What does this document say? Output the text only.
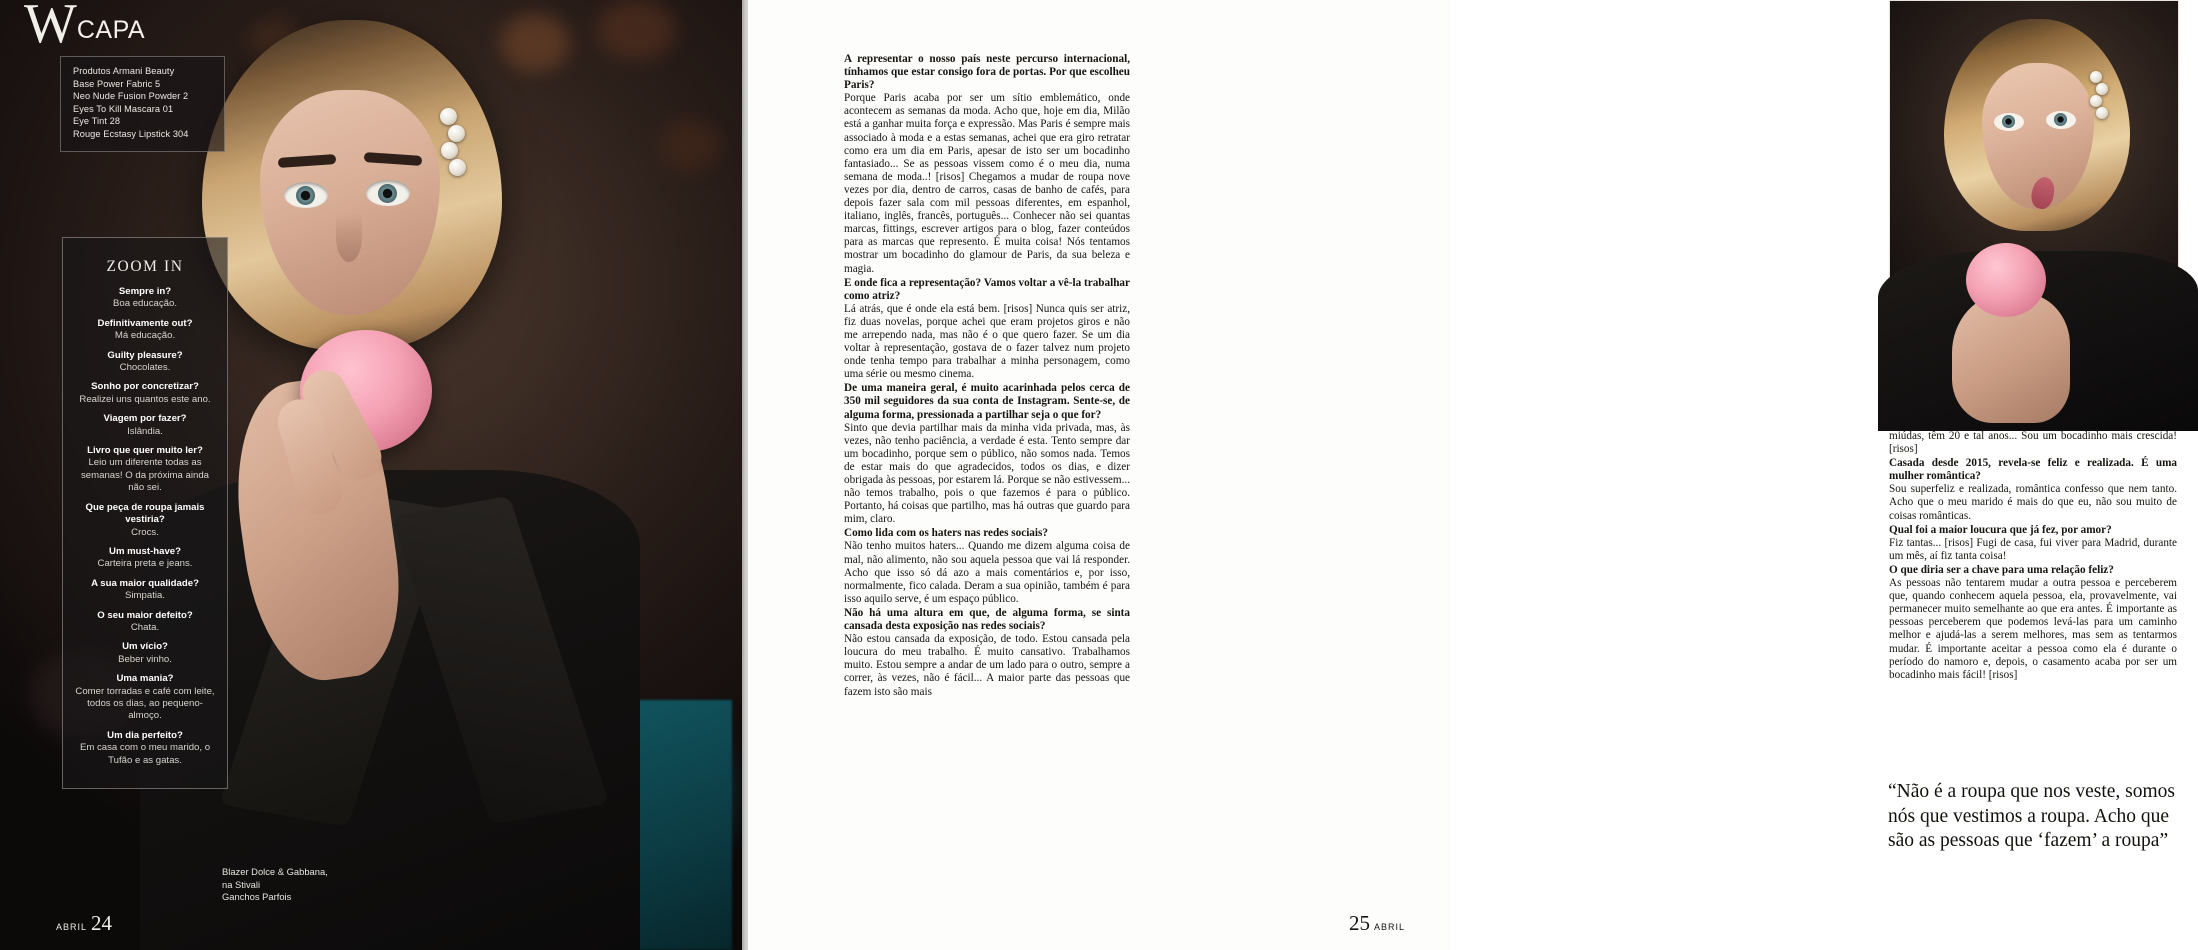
W CAPA
Produtos Armani Beauty
Base Power Fabric 5
Neo Nude Fusion Powder 2
Eyes To Kill Mascara 01
Eye Tint 28
Rouge Ecstasy Lipstick 304
ZOOM IN
Sempre in?
Boa educação.
Definitivamente out?
Má educação.
Guilty pleasure?
Chocolates.
Sonho por concretizar?
Realizei uns quantos este ano.
Viagem por fazer?
Islândia.
Livro que quer muito ler?
Leio um diferente todas as semanas! O da próxima ainda não sei.
Que peça de roupa jamais vestiria?
Crocs.
Um must-have?
Carteira preta e jeans.
A sua maior qualidade?
Simpatia.
O seu maior defeito?
Chata.
Um vício?
Beber vinho.
Uma mania?
Comer torradas e café com leite, todos os dias, ao pequeno-almoço.
Um dia perfeito?
Em casa com o meu marido, o Tufão e as gatas.
Blazer Dolce & Gabbana,
na Stivali
Ganchos Parfois
ABRIL 24

A representar o nosso país neste percurso internacional, tínhamos que estar consigo fora de portas. Por que escolheu Paris?

Porque Paris acaba por ser um sítio emblemático, onde acontecem as semanas da moda. Acho que, hoje em dia, Milão está a ganhar muita força e expressão. Mas Paris é sempre mais associado à moda e a estas semanas, achei que era giro retratar como era um dia em Paris, apesar de isto ser um bocadinho fantasiado... Se as pessoas vissem como é o meu dia, numa semana de moda..! [risos] Chegamos a mudar de roupa nove vezes por dia, dentro de carros, casas de banho de cafés, para depois fazer sala com mil pessoas diferentes, em espanhol, italiano, inglês, francês, português... Conhecer não sei quantas marcas, fittings, escrever artigos para o blog, fazer conteúdos para as marcas que represento. É muita coisa! Nós tentamos mostrar um bocadinho do glamour de Paris, da sua beleza e magia.

E onde fica a representação? Vamos voltar a vê-la trabalhar como atriz?

Lá atrás, que é onde ela está bem. [risos] Nunca quis ser atriz, fiz duas novelas, porque achei que eram projetos giros e não me arrependo nada, mas não é o que quero fazer. Se um dia voltar à representação, gostava de o fazer talvez num projeto onde tenha tempo para trabalhar a minha personagem, como uma série ou mesmo cinema.

De uma maneira geral, é muito acarinhada pelos cerca de 350 mil seguidores da sua conta de Instagram. Sente-se, de alguma forma, pressionada a partilhar seja o que for?

Sinto que devia partilhar mais da minha vida privada, mas, às vezes, não tenho paciência, a verdade é esta. Tento sempre dar um bocadinho, porque sem o público, não somos nada. Temos de estar mais do que agradecidos, todos os dias, e dizer obrigada às pessoas, por estarem lá. Porque se não estivessem... não temos trabalho, pois o que fazemos é para o público. Portanto, há coisas que partilho, mas há outras que guardo para mim, claro.

Como lida com os haters nas redes sociais?

Não tenho muitos haters... Quando me dizem alguma coisa de mal, não alimento, não sou aquela pessoa que vai lá responder. Acho que isso só dá azo a mais comentários e, por isso, normalmente, fico calada. Deram a sua opinião, também é para isso aquilo serve, é um espaço público.

Não há uma altura em que, de alguma forma, se sinta cansada desta exposição nas redes sociais?

Não estou cansada da exposição, de todo. Estou cansada pela loucura do meu trabalho. É muito cansativo. Trabalhamos muito. Estou sempre a andar de um lado para o outro, sempre a correr, às vezes, não é fácil... A maior parte das pessoas que fazem isto são mais

miúdas, têm 20 e tal anos... Sou um bocadinho mais crescida! [risos]

Casada desde 2015, revela-se feliz e realizada. É uma mulher romântica?

Sou superfeliz e realizada, romântica confesso que nem tanto. Acho que o meu marido é mais do que eu, não sou muito de coisas românticas.

Qual foi a maior loucura que já fez, por amor?

Fiz tantas... [risos] Fugi de casa, fui viver para Madrid, durante um mês, aí fiz tanta coisa!

O que diria ser a chave para uma relação feliz?

As pessoas não tentarem mudar a outra pessoa e perceberem que, quando conhecem aquela pessoa, ela, provavelmente, vai permanecer muito semelhante ao que era antes. É importante as pessoas perceberem que podemos levá-las para um caminho melhor e ajudá-las a serem melhores, mas sem as tentarmos mudar. É importante aceitar a pessoa como ela é durante o período do namoro e, depois, o casamento acaba por ser um bocadinho mais fácil! [risos]

“Não é a roupa que nos veste, somos nós que vestimos a roupa. Acho que são as pessoas que ‘fazem’ a roupa”
25 ABRIL
